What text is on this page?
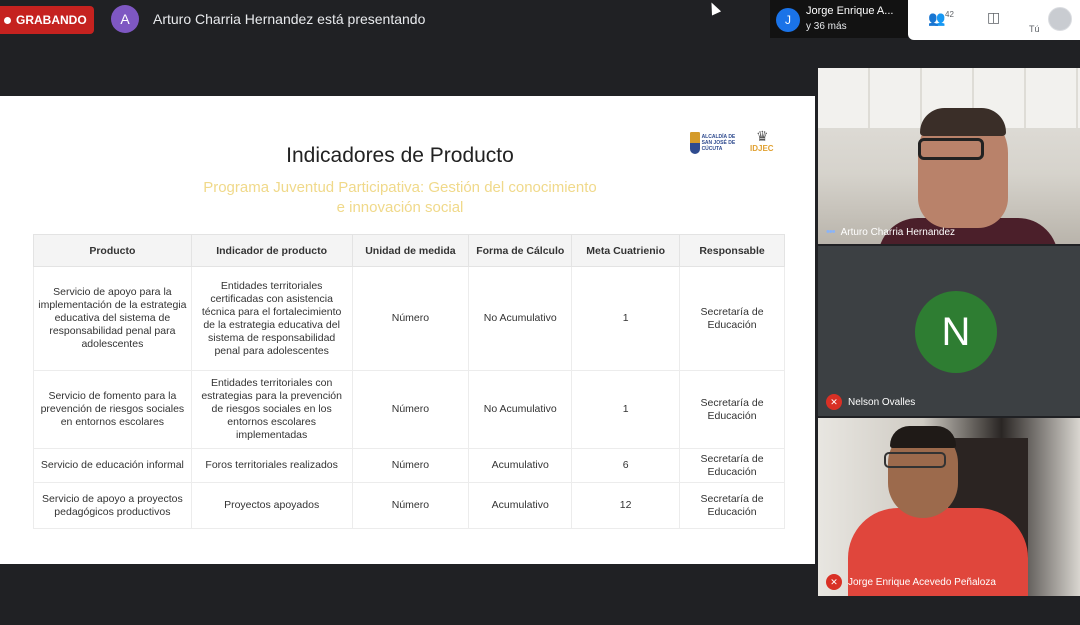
GRABANDO	A	Arturo Charria Hernandez está presentando	J
Jorge Enrique A...
y 36 más
👥 42 ◫
Tú
ALCALDÍA DE SAN JOSÉ DE CÚCUTA
♛
IDJEC
Indicadores de Producto
Programa Juventud Participativa: Gestión del conocimiento e innovación social
Producto	Indicador de producto	Unidad de medida	Forma de Cálculo	Meta Cuatrienio	Responsable
Servicio de apoyo para la implementación de la estrategia educativa del sistema de responsabilidad penal para adolescentes	Entidades territoriales certificadas con asistencia técnica para el fortalecimiento de la estrategia educativa del sistema de responsabilidad penal para adolescentes	Número	No Acumulativo	1	Secretaría de Educación
Servicio de fomento para la prevención de riesgos sociales en entornos escolares	Entidades territoriales con estrategias para la prevención de riesgos sociales en los entornos escolares implementadas	Número	No Acumulativo	1	Secretaría de Educación
Servicio de educación informal	Foros territoriales realizados	Número	Acumulativo	6	Secretaría de Educación
Servicio de apoyo a proyectos pedagógicos productivos	Proyectos apoyados	Número	Acumulativo	12	Secretaría de Educación
••• Arturo Charria Hernandez
N
✕	Nelson Ovalles
✕	Jorge Enrique Acevedo Peñaloza
